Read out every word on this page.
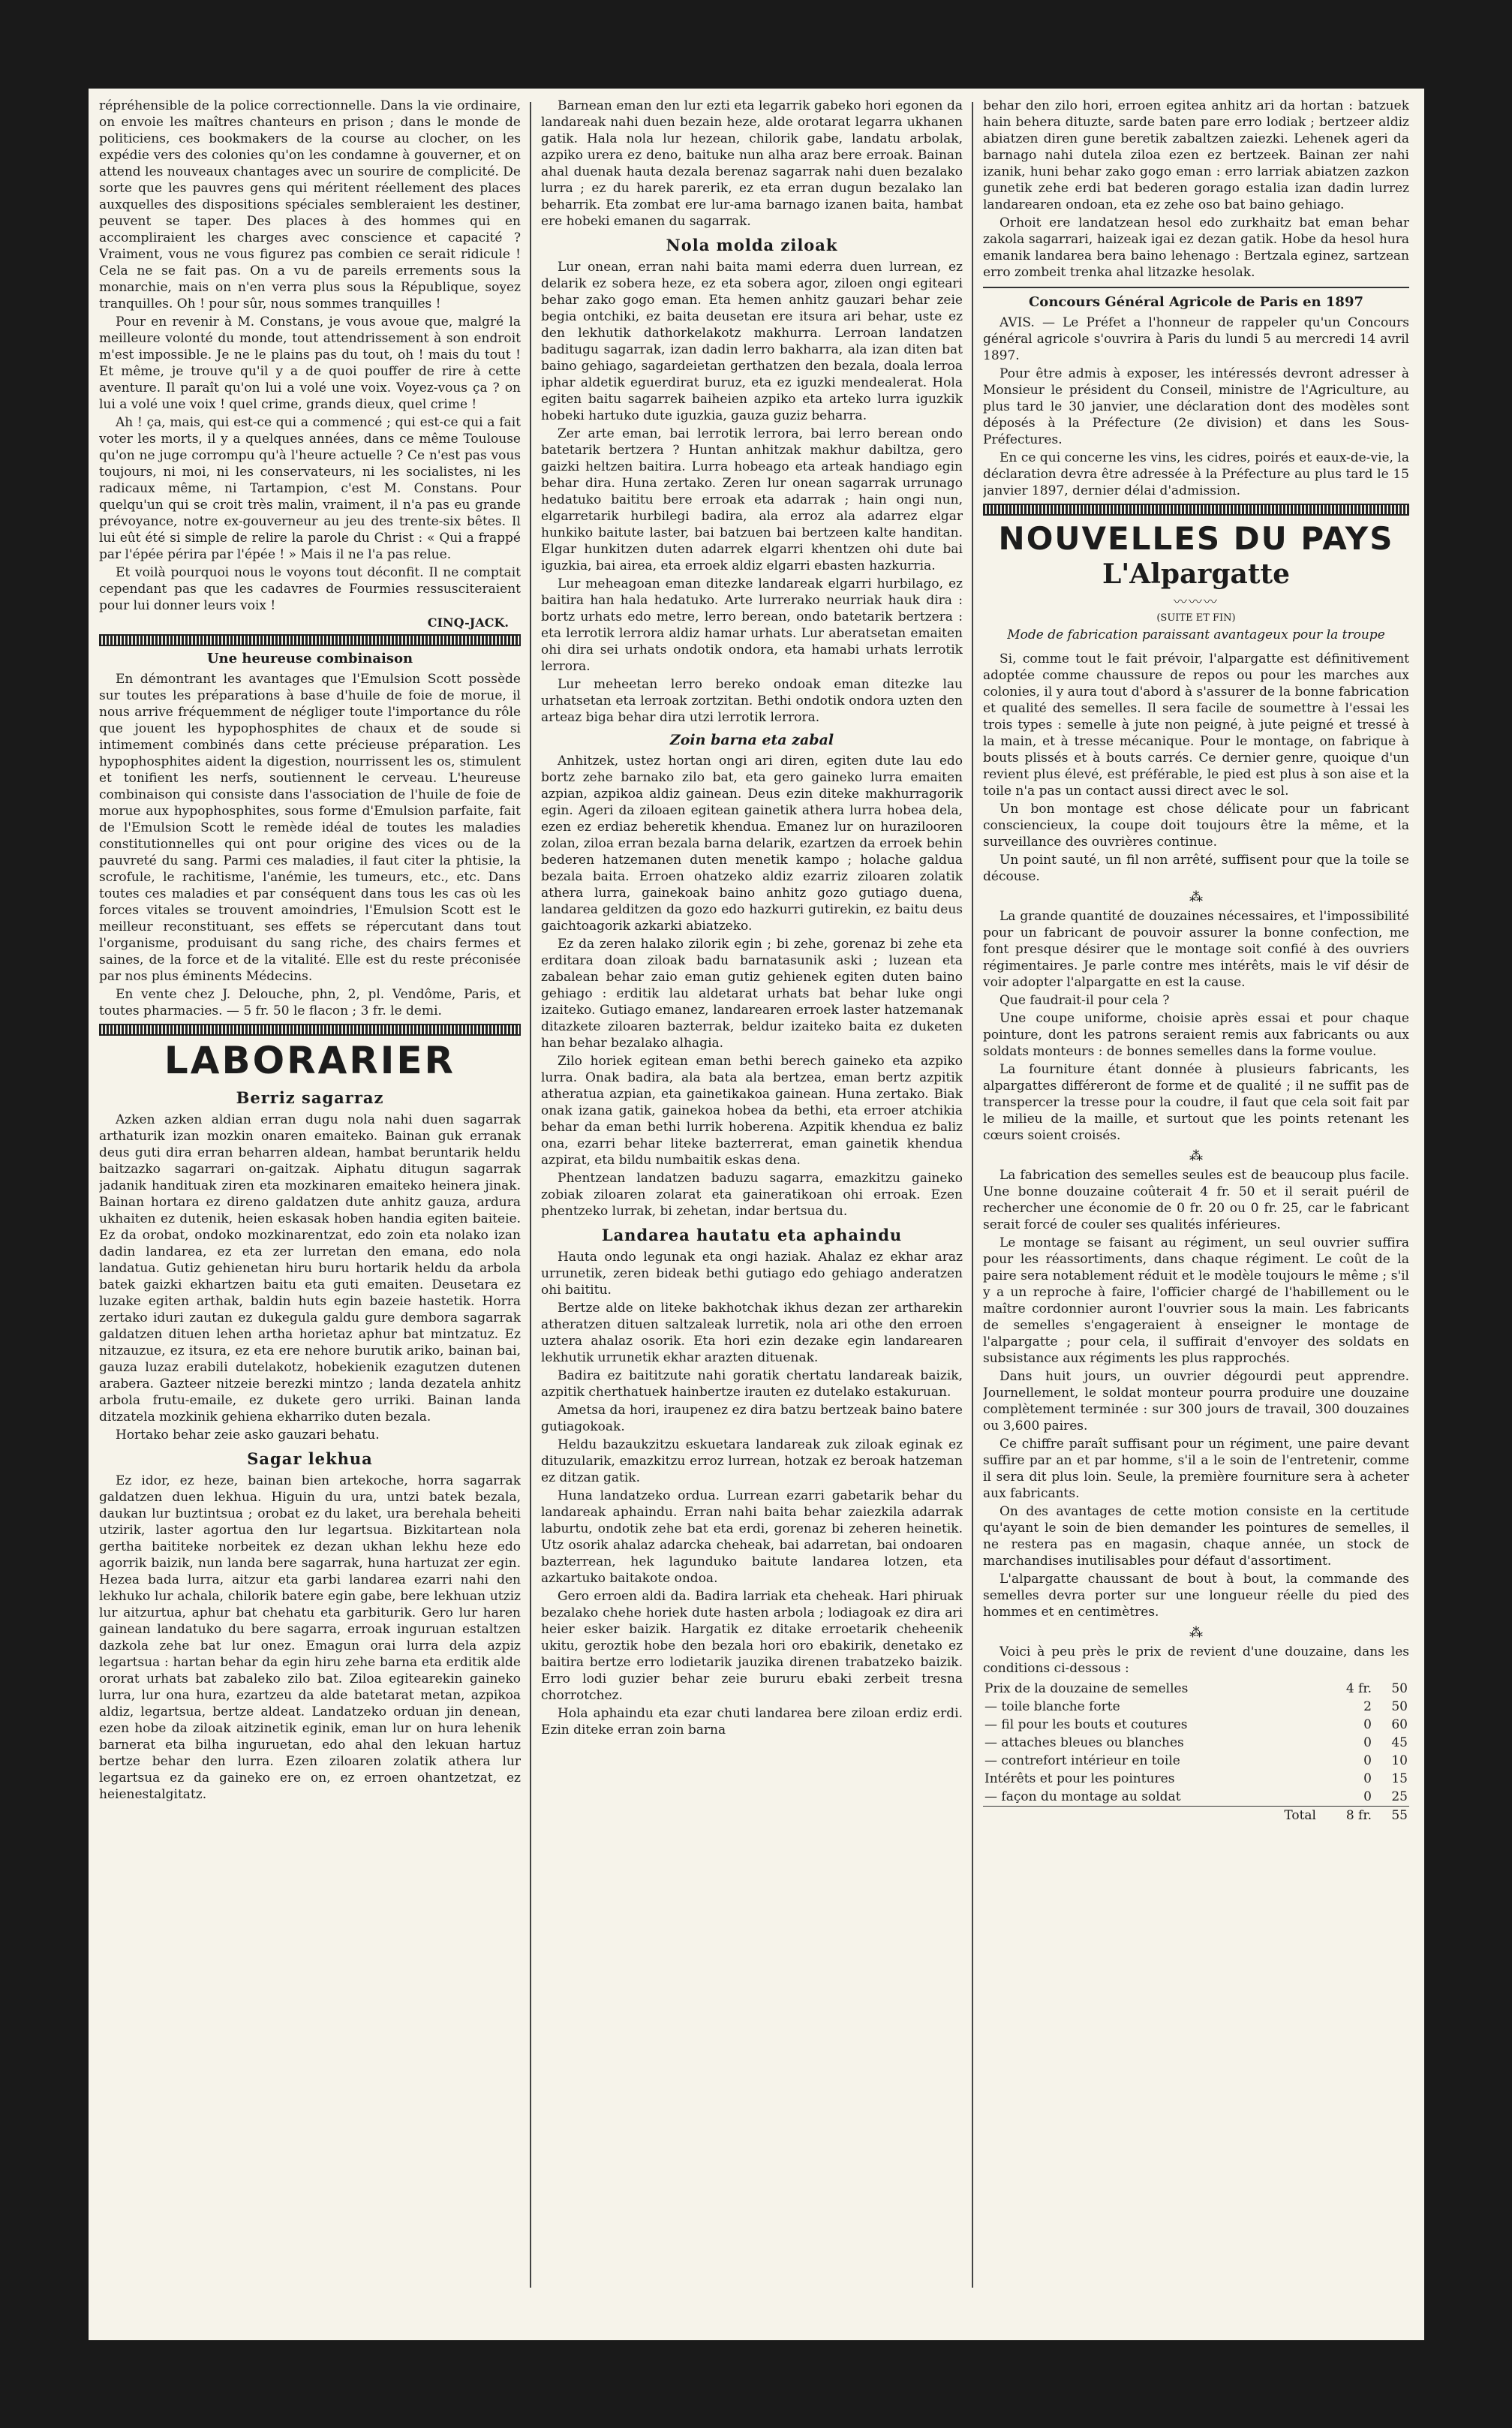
répréhensible de la police correctionnelle. Dans la vie ordinaire, on envoie les maîtres chanteurs en prison ; dans le monde de politiciens, ces bookmakers de la course au clocher, on les expédie vers des colonies qu'on les condamne à gouverner, et on attend les nouveaux chantages avec un sourire de complicité. De sorte que les pauvres gens qui méritent réellement des places auxquelles des dispositions spéciales sembleraient les destiner, peuvent se taper. Des places à des hommes qui en accompliraient les charges avec conscience et capacité ? Vraiment, vous ne vous figurez pas combien ce serait ridicule ! Cela ne se fait pas. On a vu de pareils errements sous la monarchie, mais on n'en verra plus sous la République, soyez tranquilles. Oh ! pour sûr, nous sommes tranquilles !

Pour en revenir à M. Constans, je vous avoue que, malgré la meilleure volonté du monde, tout attendrissement à son endroit m'est impossible. Je ne le plains pas du tout, oh ! mais du tout ! Et même, je trouve qu'il y a de quoi pouffer de rire à cette aventure. Il paraît qu'on lui a volé une voix. Voyez-vous ça ? on lui a volé une voix ! quel crime, grands dieux, quel crime !

Ah ! ça, mais, qui est-ce qui a commencé ; qui est-ce qui a fait voter les morts, il y a quelques années, dans ce même Toulouse qu'on ne juge corrompu qu'à l'heure actuelle ? Ce n'est pas vous toujours, ni moi, ni les conservateurs, ni les socialistes, ni les radicaux même, ni Tartampion, c'est M. Constans. Pour quelqu'un qui se croit très malin, vraiment, il n'a pas eu grande prévoyance, notre ex-gouverneur au jeu des trente-six bêtes. Il lui eût été si simple de relire la parole du Christ : « Qui a frappé par l'épée périra par l'épée ! » Mais il ne l'a pas relue.

Et voilà pourquoi nous le voyons tout déconfit. Il ne comptait cependant pas que les cadavres de Fourmies ressusciteraient pour lui donner leurs voix !

CINQ-JACK.
Une heureuse combinaison

En démontrant les avantages que l'Emulsion Scott possède sur toutes les préparations à base d'huile de foie de morue, il nous arrive fréquemment de négliger toute l'importance du rôle que jouent les hypophosphites de chaux et de soude si intimement combinés dans cette précieuse préparation. Les hypophosphites aident la digestion, nourrissent les os, stimulent et tonifient les nerfs, soutiennent le cerveau. L'heureuse combinaison qui consiste dans l'association de l'huile de foie de morue aux hypophosphites, sous forme d'Emulsion parfaite, fait de l'Emulsion Scott le remède idéal de toutes les maladies constitutionnelles qui ont pour origine des vices ou de la pauvreté du sang. Parmi ces maladies, il faut citer la phtisie, la scrofule, le rachitisme, l'anémie, les tumeurs, etc., etc. Dans toutes ces maladies et par conséquent dans tous les cas où les forces vitales se trouvent amoindries, l'Emulsion Scott est le meilleur reconstituant, ses effets se répercutant dans tout l'organisme, produisant du sang riche, des chairs fermes et saines, de la force et de la vitalité. Elle est du reste préconisée par nos plus éminents Médecins.

En vente chez J. Delouche, phn, 2, pl. Vendôme, Paris, et toutes pharmacies. — 5 fr. 50 le flacon ; 3 fr. le demi.

LABORARIER
Berriz sagarraz

Azken azken aldian erran dugu nola nahi duen sagarrak arthaturik izan mozkin onaren emaiteko. Bainan guk erranak deus guti dira erran beharren aldean, hambat beruntarik heldu baitzazko sagarrari on-gaitzak. Aiphatu ditugun sagarrak jadanik handituak ziren eta mozkinaren emaiteko heinera jinak. Bainan hortara ez direno galdatzen dute anhitz gauza, ardura ukhaiten ez dutenik, heien eskasak hoben handia egiten baiteie. Ez da orobat, ondoko mozkinarentzat, edo zoin eta nolako izan dadin landarea, ez eta zer lurretan den emana, edo nola landatua. Gutiz gehienetan hiru buru hortarik heldu da arbola batek gaizki ekhartzen baitu eta guti emaiten. Deusetara ez luzake egiten arthak, baldin huts egin bazeie hastetik. Horra zertako iduri zautan ez dukegula galdu gure dembora sagarrak galdatzen dituen lehen artha horietaz aphur bat mintzatuz. Ez nitzauzue, ez itsura, ez eta ere nehore burutik ariko, bainan bai, gauza luzaz erabili dutelakotz, hobekienik ezagutzen dutenen arabera. Gazteer nitzeie berezki mintzo ; landa dezatela anhitz arbola frutu-emaile, ez dukete gero urriki. Bainan landa ditzatela mozkinik gehiena ekharriko duten bezala.

Hortako behar zeie asko gauzari behatu.

Sagar lekhua

Ez idor, ez heze, bainan bien artekoche, horra sagarrak galdatzen duen lekhua. Higuin du ura, untzi batek bezala, daukan lur buztintsua ; orobat ez du laket, ura berehala beheiti utzirik, laster agortua den lur legartsua. Bizkitartean nola gertha baititeke norbeitek ez dezan ukhan lekhu heze edo agorrik baizik, nun landa bere sagarrak, huna hartuzat zer egin. Hezea bada lurra, aitzur eta garbi landarea ezarri nahi den lekhuko lur achala, chilorik batere egin gabe, bere lekhuan utziz lur aitzurtua, aphur bat chehatu eta garbiturik. Gero lur haren gainean landatuko du bere sagarra, erroak inguruan estaltzen dazkola zehe bat lur onez. Emagun orai lurra dela azpiz legartsua : hartan behar da egin hiru zehe barna eta erditik alde ororat urhats bat zabaleko zilo bat. Ziloa egitearekin gaineko lurra, lur ona hura, ezartzeu da alde batetarat metan, azpikoa aldiz, legartsua, bertze aldeat. Landatzeko orduan jin denean, ezen hobe da ziloak aitzinetik eginik, eman lur on hura lehenik barnerat eta bilha inguruetan, edo ahal den lekuan hartuz bertze behar den lurra. Ezen ziloaren zolatik athera lur legartsua ez da gaineko ere on, ez erroen ohantzetzat, ez heienestalgitatz.

Barnean eman den lur ezti eta legarrik gabeko hori egonen da landareak nahi duen bezain heze, alde orotarat legarra ukhanen gatik. Hala nola lur hezean, chilorik gabe, landatu arbolak, azpiko urera ez deno, baituke nun alha araz bere erroak. Bainan ahal duenak hauta dezala berenaz sagarrak nahi duen bezalako lurra ; ez du harek parerik, ez eta erran dugun bezalako lan beharrik. Eta zombat ere lur-ama barnago izanen baita, hambat ere hobeki emanen du sagarrak.

Nola molda ziloak

Lur onean, erran nahi baita mami ederra duen lurrean, ez delarik ez sobera heze, ez eta sobera agor, ziloen ongi egiteari behar zako gogo eman. Eta hemen anhitz gauzari behar zeie begia ontchiki, ez baita deusetan ere itsura ari behar, uste ez den lekhutik dathorkelakotz makhurra. Lerroan landatzen baditugu sagarrak, izan dadin lerro bakharra, ala izan diten bat baino gehiago, sagardeietan gerthatzen den bezala, doala lerroa iphar aldetik eguerdirat buruz, eta ez iguzki mendealerat. Hola egiten baitu sagarrek baiheien azpiko eta arteko lurra iguzkik hobeki hartuko dute iguzkia, gauza guziz beharra.

Zer arte eman, bai lerrotik lerrora, bai lerro berean ondo batetarik bertzera ? Huntan anhitzak makhur dabiltza, gero gaizki heltzen baitira. Lurra hobeago eta arteak handiago egin behar dira. Huna zertako. Zeren lur onean sagarrak urrunago hedatuko baititu bere erroak eta adarrak ; hain ongi nun, elgarretarik hurbilegi badira, ala erroz ala adarrez elgar hunkiko baitute laster, bai batzuen bai bertzeen kalte handitan. Elgar hunkitzen duten adarrek elgarri khentzen ohi dute bai iguzkia, bai airea, eta erroek aldiz elgarri ebasten hazkurria.

Lur meheagoan eman ditezke landareak elgarri hurbilago, ez baitira han hala hedatuko. Arte lurrerako neurriak hauk dira : bortz urhats edo metre, lerro berean, ondo batetarik bertzera : eta lerrotik lerrora aldiz hamar urhats. Lur aberatsetan emaiten ohi dira sei urhats ondotik ondora, eta hamabi urhats lerrotik lerrora.

Lur meheetan lerro bereko ondoak eman ditezke lau urhatsetan eta lerroak zortzitan. Bethi ondotik ondora uzten den arteaz biga behar dira utzi lerrotik lerrora.

Zoin barna eta zabal

Anhitzek, ustez hortan ongi ari diren, egiten dute lau edo bortz zehe barnako zilo bat, eta gero gaineko lurra emaiten azpian, azpikoa aldiz gainean. Deus ezin diteke makhurragorik egin. Ageri da ziloaen egitean gainetik athera lurra hobea dela, ezen ez erdiaz beheretik khendua. Emanez lur on hurazilooren zolan, ziloa erran bezala barna delarik, ezartzen da erroek behin bederen hatzemanen duten menetik kampo ; holache galdua bezala baita. Erroen ohatzeko aldiz ezarriz ziloaren zolatik athera lurra, gainekoak baino anhitz gozo gutiago duena, landarea gelditzen da gozo edo hazkurri gutirekin, ez baitu deus gaichtoagorik azkarki abiatzeko.

Ez da zeren halako zilorik egin ; bi zehe, gorenaz bi zehe eta erditara doan ziloak badu barnatasunik aski ; luzean eta zabalean behar zaio eman gutiz gehienek egiten duten baino gehiago : erditik lau aldetarat urhats bat behar luke ongi izaiteko. Gutiago emanez, landarearen erroek laster hatzemanak ditazkete ziloaren bazterrak, beldur izaiteko baita ez duketen han behar bezalako alhagia.

Zilo horiek egitean eman bethi berech gaineko eta azpiko lurra. Onak badira, ala bata ala bertzea, eman bertz azpitik atheratua azpian, eta gainetikakoa gainean. Huna zertako. Biak onak izana gatik, gainekoa hobea da bethi, eta erroer atchikia behar da eman bethi lurrik hoberena. Azpitik khendua ez baliz ona, ezarri behar liteke bazterrerat, eman gainetik khendua azpirat, eta bildu numbaitik eskas dena.

Phentzean landatzen baduzu sagarra, emazkitzu gaineko zobiak ziloaren zolarat eta gaineratikoan ohi erroak. Ezen phentzeko lurrak, bi zehetan, indar bertsua du.

Landarea hautatu eta aphaindu

Hauta ondo legunak eta ongi haziak. Ahalaz ez ekhar araz urrunetik, zeren bideak bethi gutiago edo gehiago anderatzen ohi baititu.

Bertze alde on liteke bakhotchak ikhus dezan zer artharekin atheratzen dituen saltzaleak lurretik, nola ari othe den erroen uztera ahalaz osorik. Eta hori ezin dezake egin landarearen lekhutik urrunetik ekhar arazten dituenak.

Badira ez baititzute nahi goratik chertatu landareak baizik, azpitik cherthatuek hainbertze irauten ez dutelako estakuruan.

Ametsa da hori, iraupenez ez dira batzu bertzeak baino batere gutiagokoak.

Heldu bazaukzitzu eskuetara landareak zuk ziloak eginak ez dituzularik, emazkitzu erroz lurrean, hotzak ez beroak hatzeman ez ditzan gatik.

Huna landatzeko ordua. Lurrean ezarri gabetarik behar du landareak aphaindu. Erran nahi baita behar zaiezkila adarrak laburtu, ondotik zehe bat eta erdi, gorenaz bi zeheren heinetik. Utz osorik ahalaz adarcka cheheak, bai adarretan, bai ondoaren bazterrean, hek lagunduko baitute landarea lotzen, eta azkartuko baitakote ondoa.

Gero erroen aldi da. Badira larriak eta cheheak. Hari phiruak bezalako chehe horiek dute hasten arbola ; lodiagoak ez dira ari heier esker baizik. Hargatik ez ditake erroetarik cheheenik ukitu, geroztik hobe den bezala hori oro ebakirik, denetako ez baitira bertze erro lodietarik jauzika direnen trabatzeko baizik. Erro lodi guzier behar zeie bururu ebaki zerbeit tresna chorrotchez.

Hola aphaindu eta ezar chuti landarea bere ziloan erdiz erdi. Ezin diteke erran zoin barna

behar den zilo hori, erroen egitea anhitz ari da hortan : batzuek hain behera dituzte, sarde baten pare erro lodiak ; bertzeer aldiz abiatzen diren gune beretik zabaltzen zaiezki. Lehenek ageri da barnago nahi dutela ziloa ezen ez bertzeek. Bainan zer nahi izanik, huni behar zako gogo eman : erro larriak abiatzen zazkon gunetik zehe erdi bat bederen gorago estalia izan dadin lurrez landarearen ondoan, eta ez zehe oso bat baino gehiago.

Orhoit ere landatzean hesol edo zurkhaitz bat eman behar zakola sagarrari, haizeak igai ez dezan gatik. Hobe da hesol hura emanik landarea bera baino lehenago : Bertzala eginez, sartzean erro zombeit trenka ahal litzazke hesolak.

Concours Général Agricole de Paris en 1897

AVIS. — Le Préfet a l'honneur de rappeler qu'un Concours général agricole s'ouvrira à Paris du lundi 5 au mercredi 14 avril 1897.

Pour être admis à exposer, les intéressés devront adresser à Monsieur le président du Conseil, ministre de l'Agriculture, au plus tard le 30 janvier, une déclaration dont des modèles sont déposés à la Préfecture (2e division) et dans les Sous-Préfectures.

En ce qui concerne les vins, les cidres, poirés et eaux-de-vie, la déclaration devra être adressée à la Préfecture au plus tard le 15 janvier 1897, dernier délai d'admission.

NOUVELLES DU PAYS
L'Alpargatte
〰〰〰
(SUITE ET FIN)
Mode de fabrication paraissant avantageux pour la troupe

Si, comme tout le fait prévoir, l'alpargatte est définitivement adoptée comme chaussure de repos ou pour les marches aux colonies, il y aura tout d'abord à s'assurer de la bonne fabrication et qualité des semelles. Il sera facile de soumettre à l'essai les trois types : semelle à jute non peigné, à jute peigné et tressé à la main, et à tresse mécanique. Pour le montage, on fabrique à bouts plissés et à bouts carrés. Ce dernier genre, quoique d'un revient plus élevé, est préférable, le pied est plus à son aise et la toile n'a pas un contact aussi direct avec le sol.

Un bon montage est chose délicate pour un fabricant consciencieux, la coupe doit toujours être la même, et la surveillance des ouvrières continue.

Un point sauté, un fil non arrêté, suffisent pour que la toile se découse.

⁂

La grande quantité de douzaines nécessaires, et l'impossibilité pour un fabricant de pouvoir assurer la bonne confection, me font presque désirer que le montage soit confié à des ouvriers régimentaires. Je parle contre mes intérêts, mais le vif désir de voir adopter l'alpargatte en est la cause.

Que faudrait-il pour cela ?

Une coupe uniforme, choisie après essai et pour chaque pointure, dont les patrons seraient remis aux fabricants ou aux soldats monteurs : de bonnes semelles dans la forme voulue.

La fourniture étant donnée à plusieurs fabricants, les alpargattes différeront de forme et de qualité ; il ne suffit pas de transpercer la tresse pour la coudre, il faut que cela soit fait par le milieu de la maille, et surtout que les points retenant les cœurs soient croisés.

⁂

La fabrication des semelles seules est de beaucoup plus facile. Une bonne douzaine coûterait 4 fr. 50 et il serait puéril de rechercher une économie de 0 fr. 20 ou 0 fr. 25, car le fabricant serait forcé de couler ses qualités inférieures.

Le montage se faisant au régiment, un seul ouvrier suffira pour les réassortiments, dans chaque régiment. Le coût de la paire sera notablement réduit et le modèle toujours le même ; s'il y a un reproche à faire, l'officier chargé de l'habillement ou le maître cordonnier auront l'ouvrier sous la main. Les fabricants de semelles s'engageraient à enseigner le montage de l'alpargatte ; pour cela, il suffirait d'envoyer des soldats en subsistance aux régiments les plus rapprochés.

Dans huit jours, un ouvrier dégourdi peut apprendre. Journellement, le soldat monteur pourra produire une douzaine complètement terminée : sur 300 jours de travail, 300 douzaines ou 3,600 paires.

Ce chiffre paraît suffisant pour un régiment, une paire devant suffire par an et par homme, s'il a le soin de l'entretenir, comme il sera dit plus loin. Seule, la première fourniture sera à acheter aux fabricants.

On des avantages de cette motion consiste en la certitude qu'ayant le soin de bien demander les pointures de semelles, il ne restera pas en magasin, chaque année, un stock de marchandises inutilisables pour défaut d'assortiment.

L'alpargatte chaussant de bout à bout, la commande des semelles devra porter sur une longueur réelle du pied des hommes et en centimètres.

⁂

Voici à peu près le prix de revient d'une douzaine, dans les conditions ci-dessous :

Prix de la douzaine de semelles	4 fr.	50
— toile blanche forte	2	50
— fil pour les bouts et coutures	0	60
— attaches bleues ou blanches	0	45
— contrefort intérieur en toile	0	10
Intérêts et pour les pointures	0	15
— façon du montage au soldat	0	25
Total	8 fr.	55
